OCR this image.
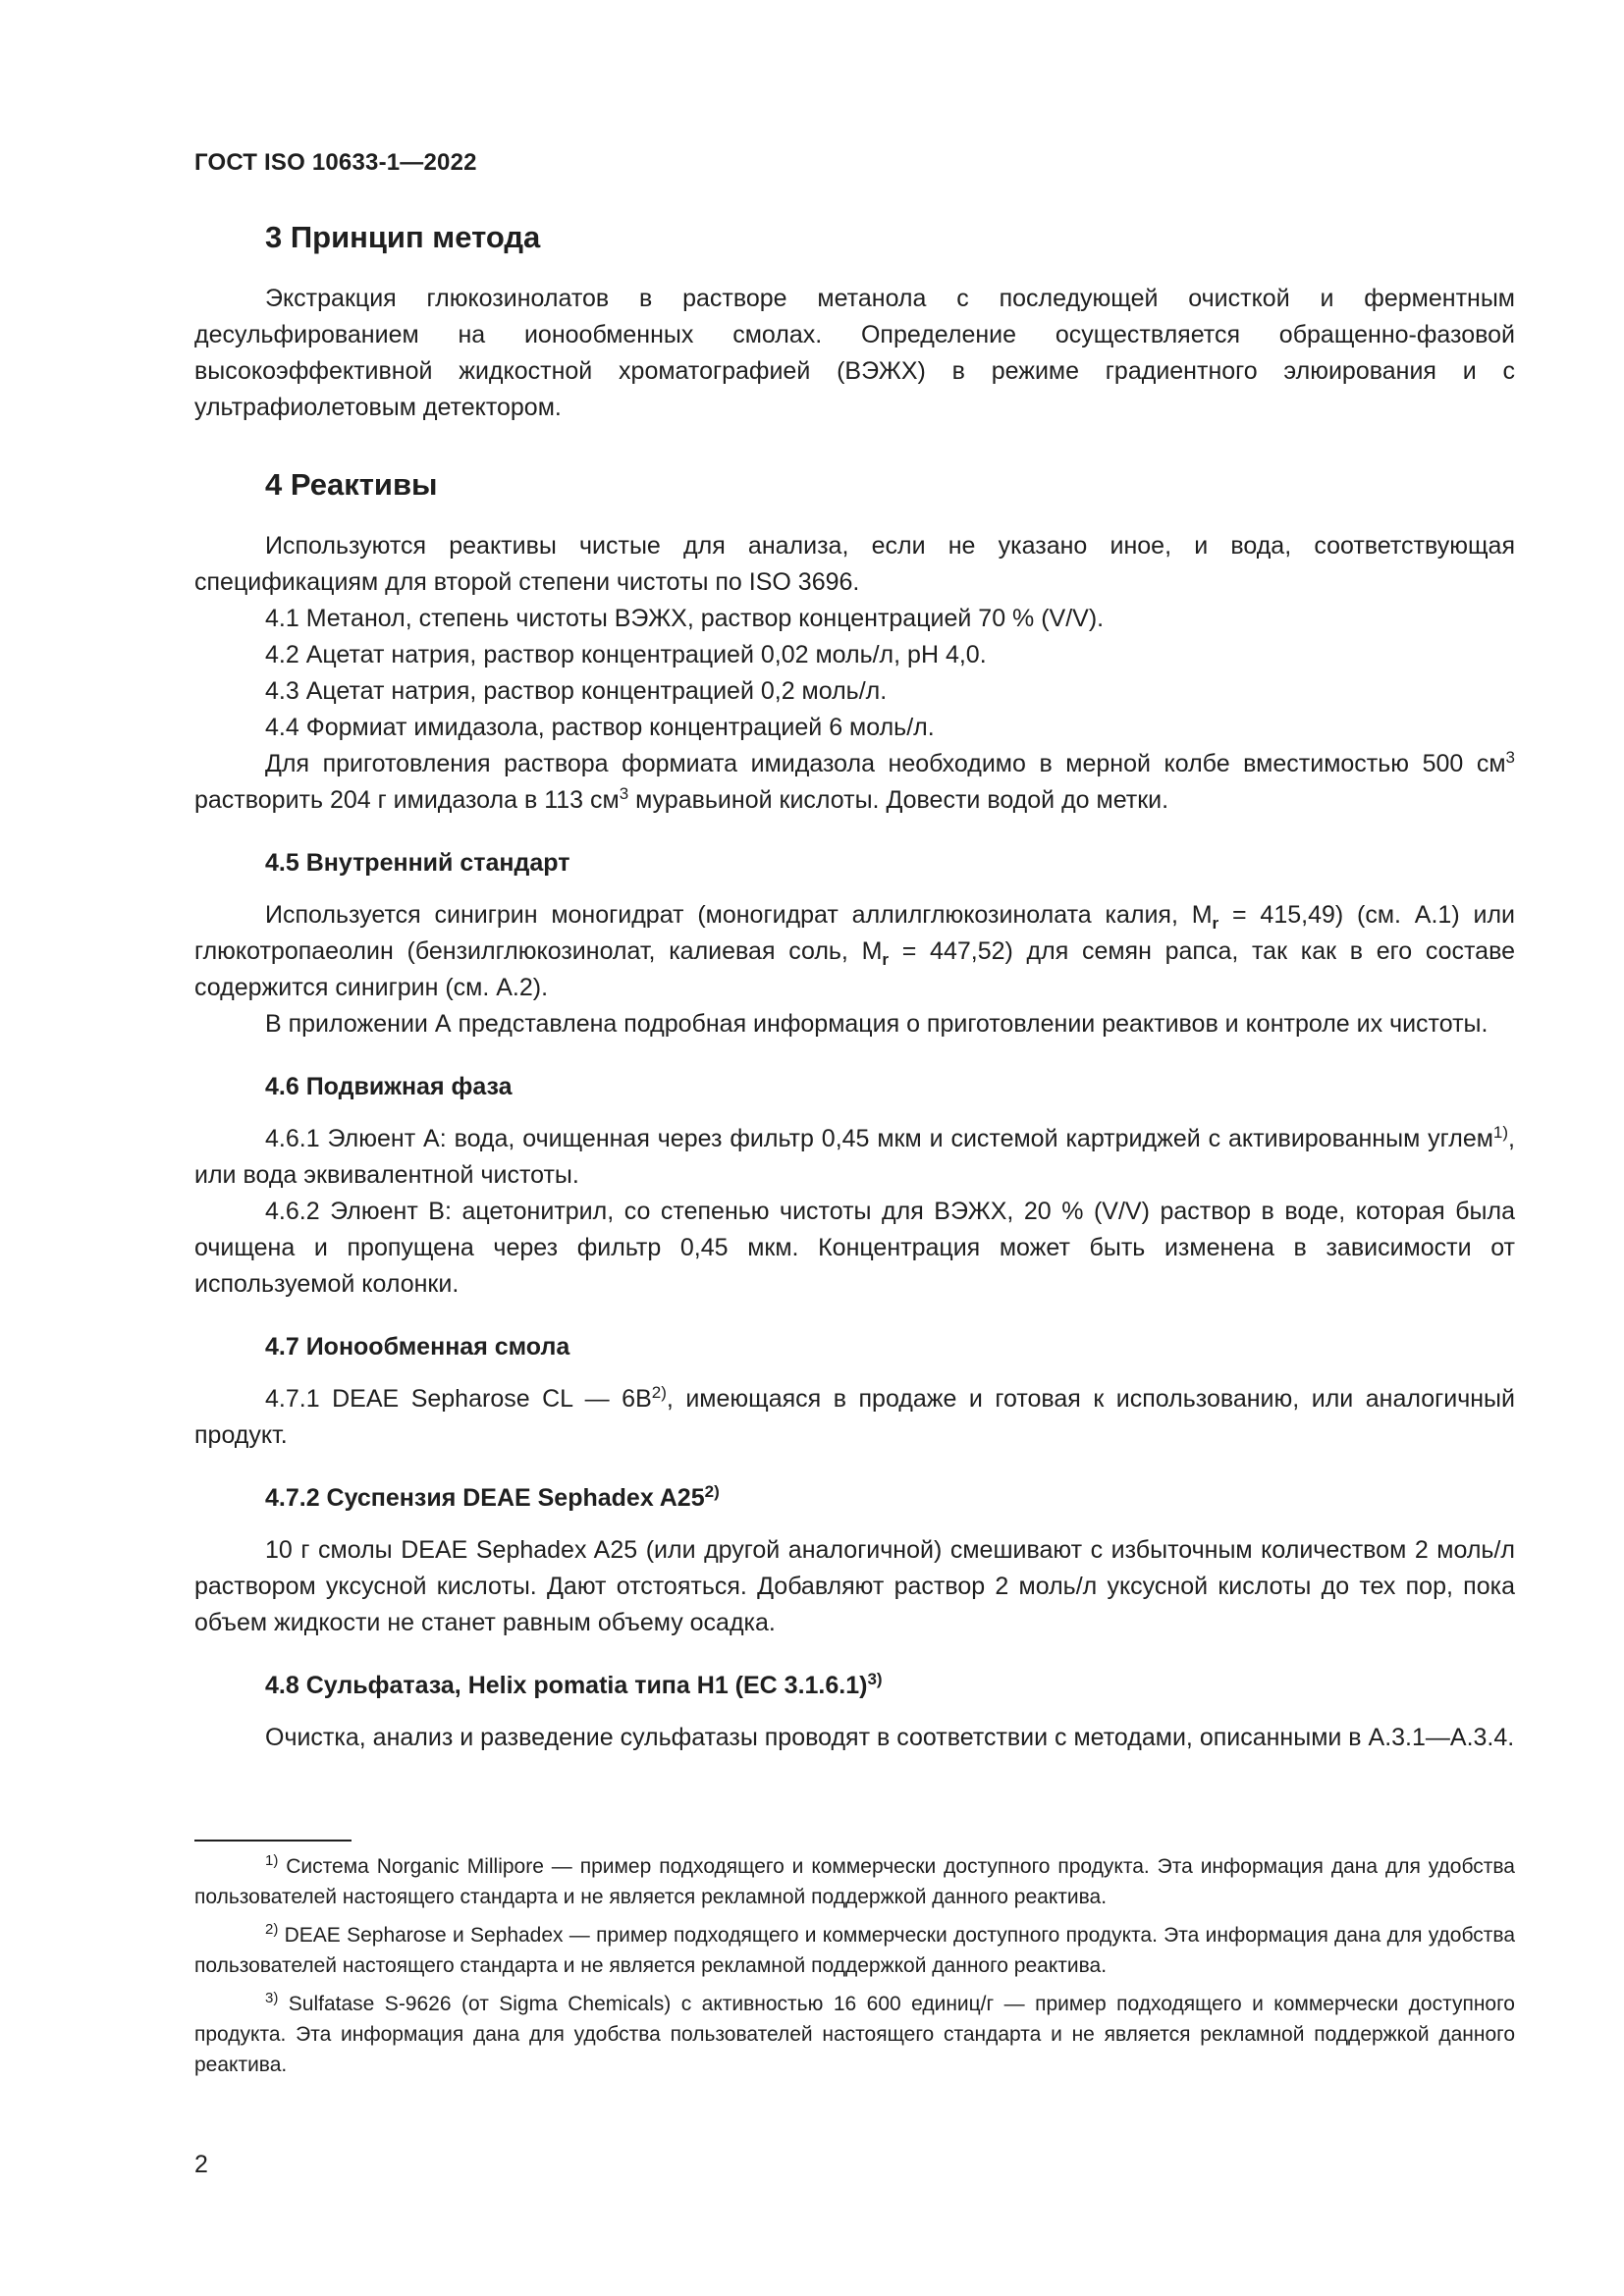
ГОСТ ISO 10633-1—2022
3 Принцип метода

Экстракция глюкозинолатов в растворе метанола с последующей очисткой и ферментным десульфированием на ионообменных смолах. Определение осуществляется обращенно-фазовой высокоэффективной жидкостной хроматографией (ВЭЖХ) в режиме градиентного элюирования и с ультрафиолетовым детектором.

4 Реактивы

Используются реактивы чистые для анализа, если не указано иное, и вода, соответствующая спецификациям для второй степени чистоты по ISO 3696.

4.1 Метанол, степень чистоты ВЭЖХ, раствор концентрацией 70 % (V/V).

4.2 Ацетат натрия, раствор концентрацией 0,02 моль/л, pH 4,0.

4.3 Ацетат натрия, раствор концентрацией 0,2 моль/л.

4.4 Формиат имидазола, раствор концентрацией 6 моль/л.

Для приготовления раствора формиата имидазола необходимо в мерной колбе вместимостью 500 $см^3$ растворить 204 г имидазола в 113 $см^3$ муравьиной кислоты. Довести водой до метки.

4.5 Внутренний стандарт

Используется синигрин моногидрат (моногидрат аллилглюкозинолата калия, $M_r = 415,49$) (см. А.1) или глюкотропаеолин (бензилглюкозинолат, калиевая соль, $M_r = 447,52$) для семян рапса, так как в его составе содержится синигрин (см. А.2).

В приложении А представлена подробная информация о приготовлении реактивов и контроле их чистоты.

4.6 Подвижная фаза

4.6.1 Элюент А: вода, очищенная через фильтр 0,45 мкм и системой картриджей с активированным углем$^{1)}$, или вода эквивалентной чистоты.

4.6.2 Элюент В: ацетонитрил, со степенью чистоты для ВЭЖХ, 20 % (V/V) раствор в воде, которая была очищена и пропущена через фильтр 0,45 мкм. Концентрация может быть изменена в зависимости от используемой колонки.

4.7 Ионообменная смола

4.7.1 DEAE Sepharose CL — $6B^{2)}$, имеющаяся в продаже и готовая к использованию, или аналогичный продукт.

4.7.2 Суспензия DEAE Sephadex A25$^{2)}$

10 г смолы DEAE Sephadex A25 (или другой аналогичной) смешивают с избыточным количеством 2 моль/л раствором уксусной кислоты. Дают отстояться. Добавляют раствор 2 моль/л уксусной кислоты до тех пор, пока объем жидкости не станет равным объему осадка.

4.8 Сульфатаза, Helix pomatia типа H1 (EC 3.1.6.1)$^{3)}$

Очистка, анализ и разведение сульфатазы проводят в соответствии с методами, описанными в А.3.1—А.3.4.

$^{1)}$ Система Norganic Millipore — пример подходящего и коммерчески доступного продукта. Эта информация дана для удобства пользователей настоящего стандарта и не является рекламной поддержкой данного реактива.

$^{2)}$ DEAE Sepharose и Sephadex — пример подходящего и коммерчески доступного продукта. Эта информация дана для удобства пользователей настоящего стандарта и не является рекламной поддержкой данного реактива.

$^{3)}$ Sulfatase S-9626 (от Sigma Chemicals) с активностью 16 600 единиц/г — пример подходящего и коммерчески доступного продукта. Эта информация дана для удобства пользователей настоящего стандарта и не является рекламной поддержкой данного реактива.

2
